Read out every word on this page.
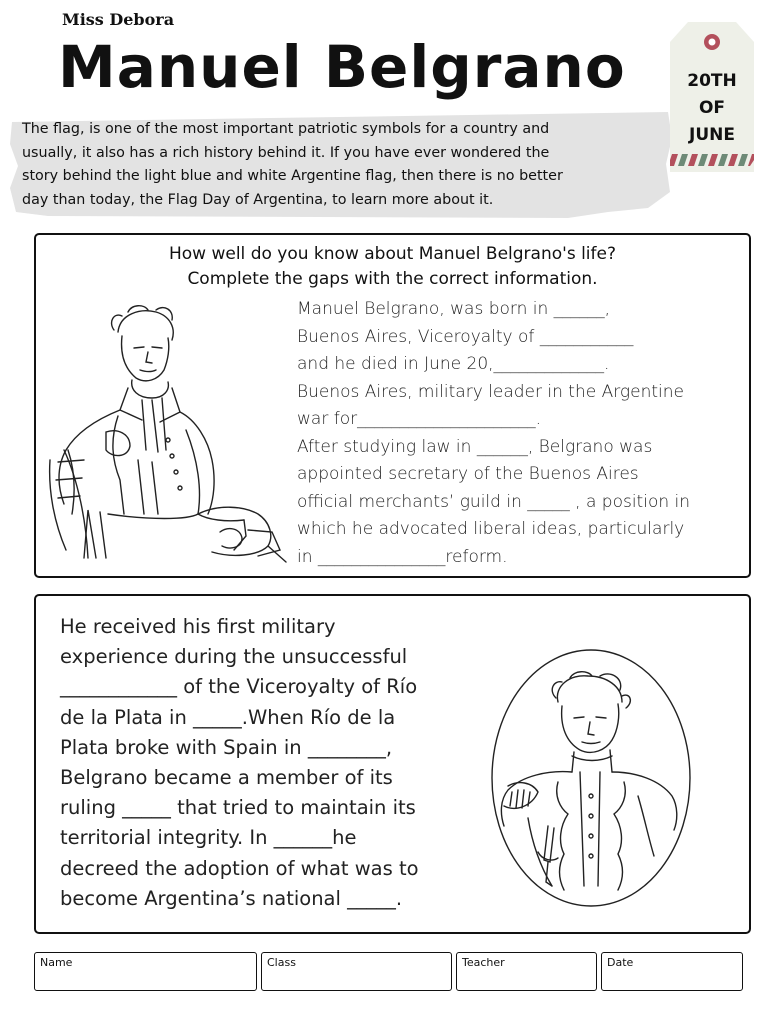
Miss Debora
Manuel Belgrano
The flag, is one of the most important patriotic symbols for a country and
usually, it also has a rich history behind it. If you have ever wondered the
story behind the light blue and white Argentine flag, then there is no better
day than today, the Flag Day of Argentina, to learn more about it.
20TH
OF
JUNE
How well do you know about Manuel Belgrano's life?
Complete the gaps with the correct information.
Manuel Belgrano, was born in ______,
Buenos Aires, Viceroyalty of ___________
and he died in June 20,_____________.
Buenos Aires, military leader in the Argentine
war for_____________________.
After studying law in ______, Belgrano was
appointed secretary of the Buenos Aires
official merchants’ guild in _____ , a position in
which he advocated liberal ideas, particularly
in _______________reform.
He received his first military
experience during the unsuccessful
____________ of the Viceroyalty of Río
de la Plata in _____.When Río de la
Plata broke with Spain in ________,
Belgrano became a member of its
ruling _____ that tried to maintain its
territorial integrity. In ______he
decreed the adoption of what was to
become Argentina’s national _____.
Name	Class	Teacher	Date
